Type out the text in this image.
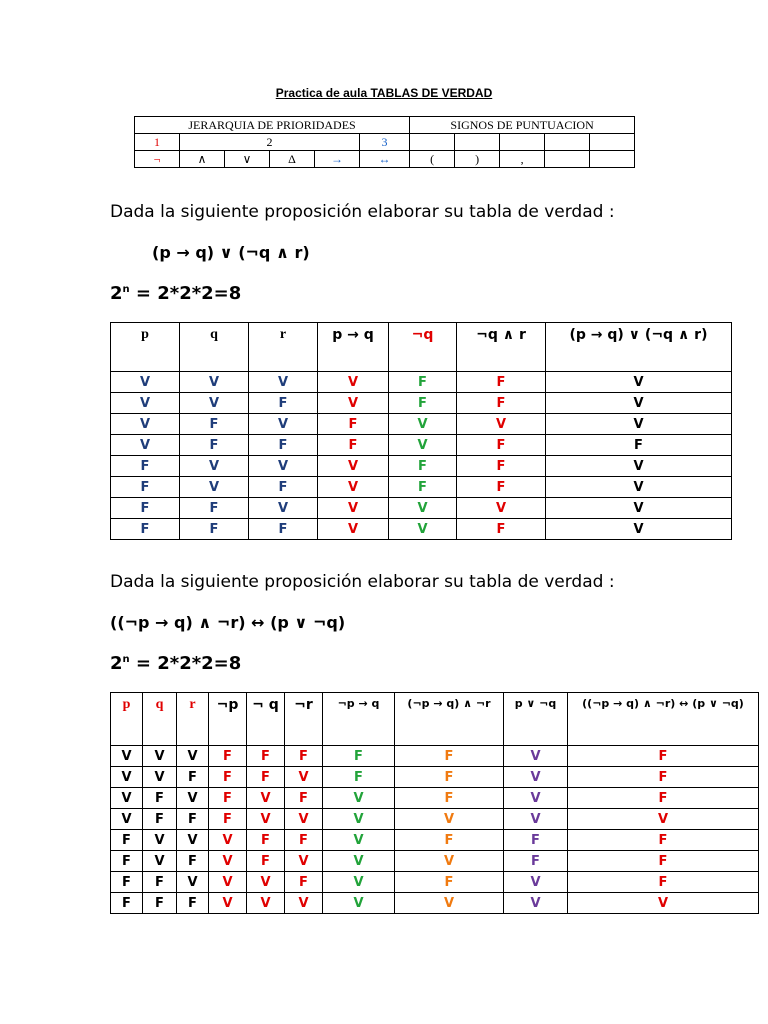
Practica de aula TABLAS DE VERDAD
JERARQUIA DE PRIORIDADES						SIGNOS DE PUNTUACION				
1	2				3					
¬	∧	∨	Δ	→	↔	(	)	,		
Dada la siguiente proposición elaborar su tabla de verdad :
(p → q) ∨ (¬q ∧ r)
$2^n = 2*2*2=8$
p	q	r	p → q	¬q	¬q ∧ r	(p → q) ∨ (¬q ∧ r)
V	V	V	V	F	F	V
V	V	F	V	F	F	V
V	F	V	F	V	V	V
V	F	F	F	V	F	F
F	V	V	V	F	F	V
F	V	F	V	F	F	V
F	F	V	V	V	V	V
F	F	F	V	V	F	V
Dada la siguiente proposición elaborar su tabla de verdad :
((¬p → q) ∧ ¬r) ↔ (p ∨ ¬q)
$2^n = 2*2*2=8$
p	q	r	¬p	¬ q	¬r	¬p → q	(¬p → q) ∧ ¬r	p ∨ ¬q	((¬p → q) ∧ ¬r) ↔ (p ∨ ¬q)
V	V	V	F	F	F	F	F	V	F
V	V	F	F	F	V	F	F	V	F
V	F	V	F	V	F	V	F	V	F
V	F	F	F	V	V	V	V	V	V
F	V	V	V	F	F	V	F	F	F
F	V	F	V	F	V	V	V	F	F
F	F	V	V	V	F	V	F	V	F
F	F	F	V	V	V	V	V	V	V
